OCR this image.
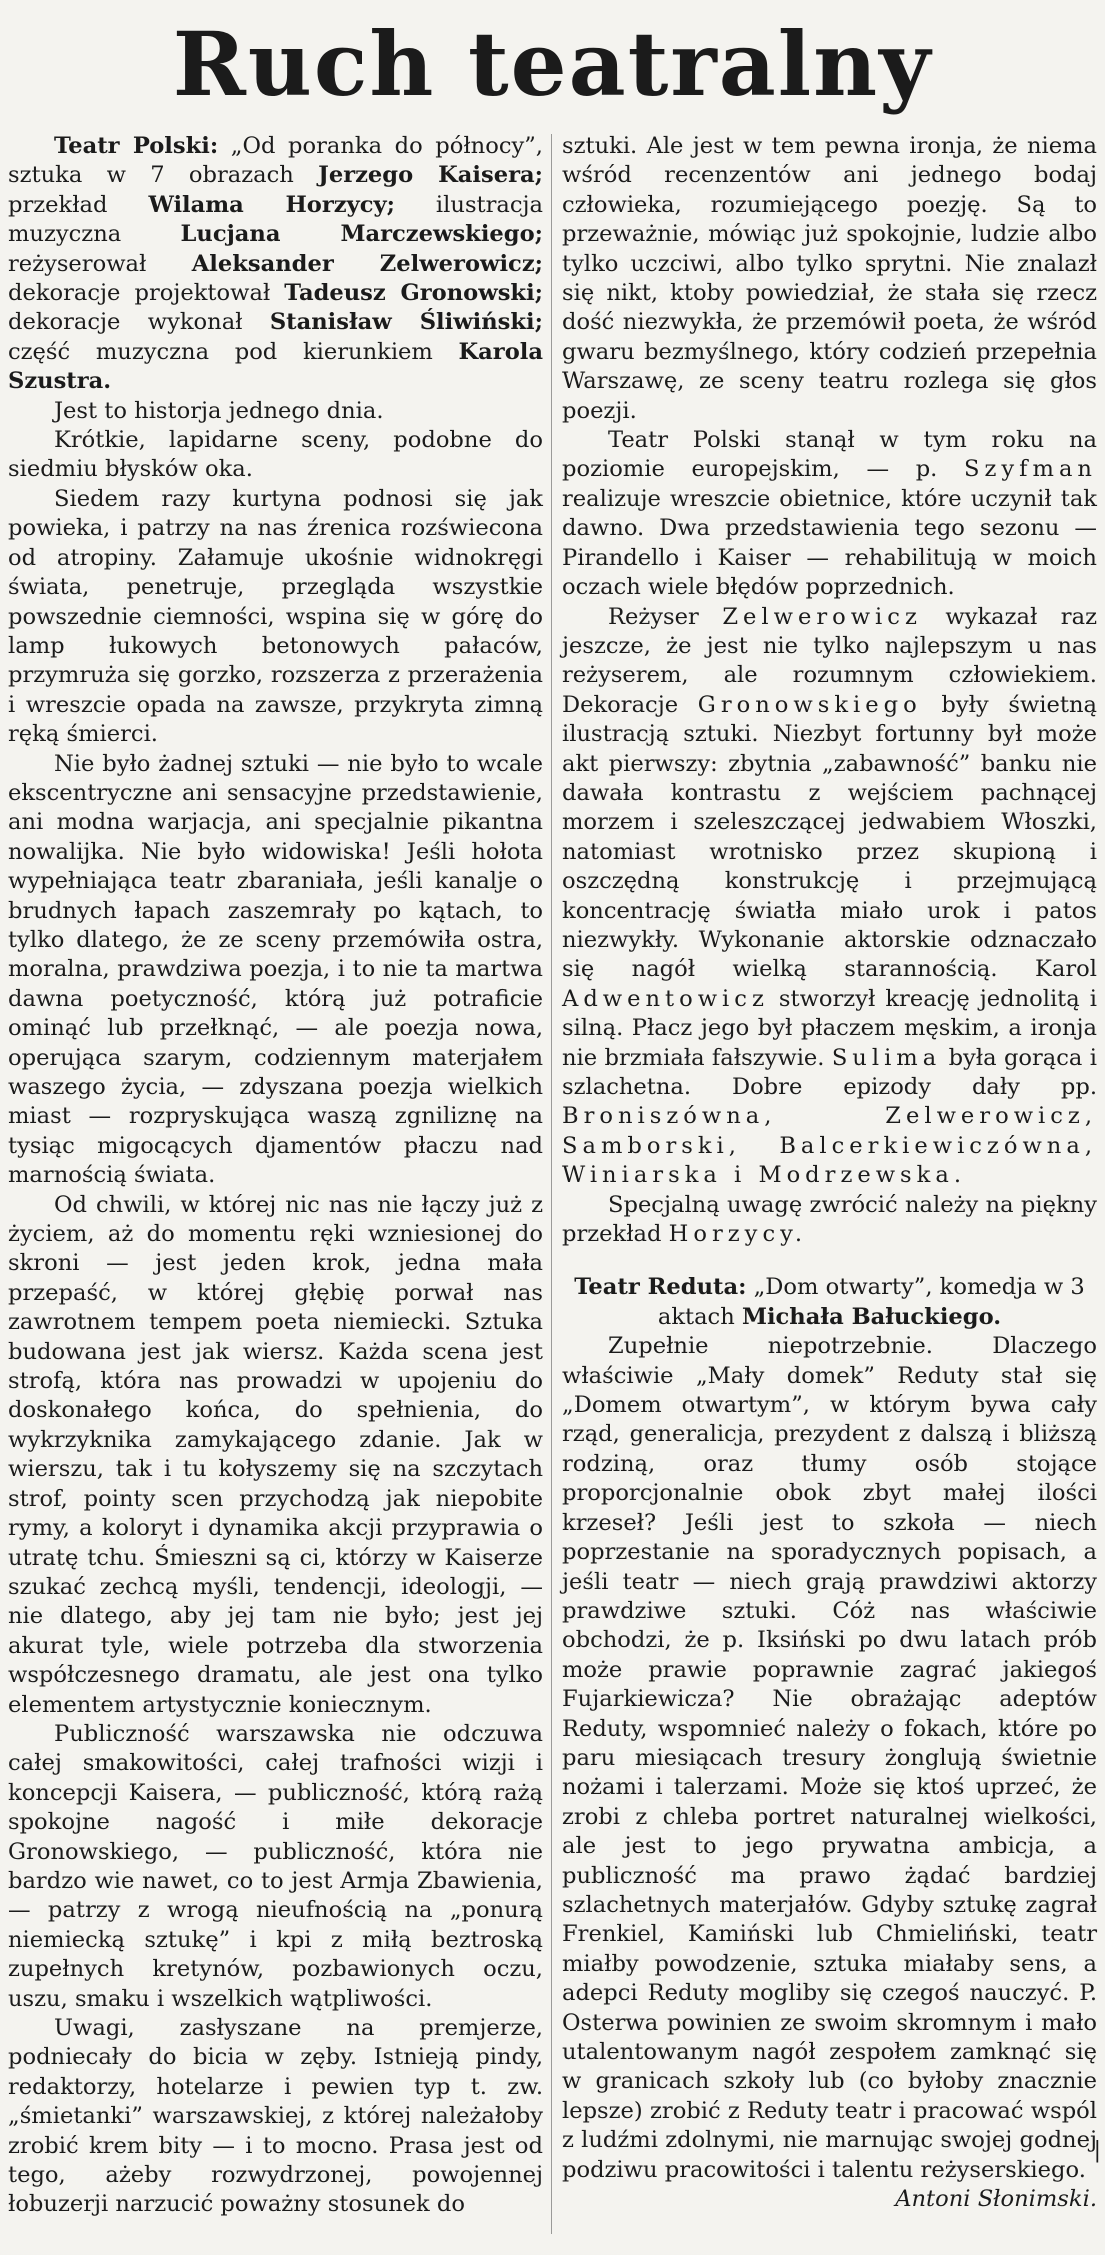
Ruch teatralny

Teatr Polski: „Od poranka do północy”, sztuka w 7 obrazach Jerzego Kaisera; przekład Wilama Horzycy; ilustracja muzyczna Lucjana Marczewskiego; reżyserował Aleksander Zelwerowicz; dekoracje projektował Tadeusz Gronowski; dekoracje wykonał Stanisław Śliwiński; część muzyczna pod kierunkiem Karola Szustra.

Jest to historja jednego dnia.

Krótkie, lapidarne sceny, podobne do siedmiu błysków oka.

Siedem razy kurtyna podnosi się jak powieka, i patrzy na nas źrenica rozświecona od atropiny. Załamuje ukośnie widnokręgi świata, penetruje, przegląda wszystkie powszednie ciemności, wspina się w górę do lamp łukowych betonowych pałaców, przymruża się gorzko, rozszerza z przerażenia i wreszcie opada na zawsze, przykryta zimną ręką śmierci.

Nie było żadnej sztuki — nie było to wcale ekscentryczne ani sensacyjne przedstawienie, ani modna warjacja, ani specjalnie pikantna nowalijka. Nie było widowiska! Jeśli hołota wypełniająca teatr zbaraniała, jeśli kanalje o brudnych łapach zaszemrały po kątach, to tylko dlatego, że ze sceny przemówiła ostra, moralna, prawdziwa poezja, i to nie ta martwa dawna poetyczność, którą już potraficie ominąć lub przełknąć, — ale poezja nowa, operująca szarym, codziennym materjałem waszego życia, — zdyszana poezja wielkich miast — rozpryskująca waszą zgniliznę na tysiąc migocących djamentów płaczu nad marnością świata.

Od chwili, w której nic nas nie łączy już z życiem, aż do momentu ręki wzniesionej do skroni — jest jeden krok, jedna mała przepaść, w której głębię porwał nas zawrotnem tempem poeta niemiecki. Sztuka budowana jest jak wiersz. Każda scena jest strofą, która nas prowadzi w upojeniu do doskonałego końca, do spełnienia, do wykrzyknika zamykającego zdanie. Jak w wierszu, tak i tu kołyszemy się na szczytach strof, pointy scen przychodzą jak niepobite rymy, a koloryt i dynamika akcji przyprawia o utratę tchu. Śmieszni są ci, którzy w Kaiserze szukać zechcą myśli, tendencji, ideologji, — nie dlatego, aby jej tam nie było; jest jej akurat tyle, wiele potrzeba dla stworzenia współczesnego dramatu, ale jest ona tylko elementem artystycznie koniecznym.

Publiczność warszawska nie odczuwa całej smakowitości, całej trafności wizji i koncepcji Kaisera, — publiczność, którą rażą spokojne nagość i miłe dekoracje Gronowskiego, — publiczność, która nie bardzo wie nawet, co to jest Armja Zbawienia, — patrzy z wrogą nieufnością na „ponurą niemiecką sztukę” i kpi z miłą beztroską zupełnych kretynów, pozbawionych oczu, uszu, smaku i wszelkich wątpliwości.

Uwagi, zasłyszane na premjerze, podniecały do bicia w zęby. Istnieją pindy, redaktorzy, hotelarze i pewien typ t. zw. „śmietanki” warszawskiej, z której należałoby zrobić krem bity — i to mocno. Prasa jest od tego, ażeby rozwydrzonej, powojennej łobuzerji narzucić poważny stosunek do

sztuki. Ale jest w tem pewna ironja, że niema wśród recenzentów ani jednego bodaj człowieka, rozumiejącego poezję. Są to przeważnie, mówiąc już spokojnie, ludzie albo tylko uczciwi, albo tylko sprytni. Nie znalazł się nikt, ktoby powiedział, że stała się rzecz dość niezwykła, że przemówił poeta, że wśród gwaru bezmyślnego, który codzień przepełnia Warszawę, ze sceny teatru rozlega się głos poezji.

Teatr Polski stanął w tym roku na poziomie europejskim, — p. Szyfman realizuje wreszcie obietnice, które uczynił tak dawno. Dwa przedstawienia tego sezonu — Pirandello i Kaiser — rehabilitują w moich oczach wiele błędów poprzednich.

Reżyser Zelwerowicz wykazał raz jeszcze, że jest nie tylko najlepszym u nas reżyserem, ale rozumnym człowiekiem. Dekoracje Gronowskiego były świetną ilustracją sztuki. Niezbyt fortunny był może akt pierwszy: zbytnia „zabawność” banku nie dawała kontrastu z wejściem pachnącej morzem i szeleszczącej jedwabiem Włoszki, natomiast wrotnisko przez skupioną i oszczędną konstrukcję i przejmującą koncentrację światła miało urok i patos niezwykły. Wykonanie aktorskie odznaczało się nagół wielką starannością. Karol Adwentowicz stworzył kreację jednolitą i silną. Płacz jego był płaczem męskim, a ironja nie brzmiała fałszywie. Sulima była gorąca i szlachetna. Dobre epizody dały pp. Broniszówna, Zelwerowicz, Samborski, Balcerkiewiczówna, Winiarska i Modrzewska.

Specjalną uwagę zwrócić należy na piękny przekład Horzycy.

Teatr Reduta: „Dom otwarty”, komedja w 3 aktach Michała Bałuckiego.

Zupełnie niepotrzebnie. Dlaczego właściwie „Mały domek” Reduty stał się „Domem otwartym”, w którym bywa cały rząd, generalicja, prezydent z dalszą i bliższą rodziną, oraz tłumy osób stojące proporcjonalnie obok zbyt małej ilości krzeseł? Jeśli jest to szkoła — niech poprzestanie na sporadycznych popisach, a jeśli teatr — niech grają prawdziwi aktorzy prawdziwe sztuki. Cóż nas właściwie obchodzi, że p. Iksiński po dwu latach prób może prawie poprawnie zagrać jakiegoś Fujarkiewicza? Nie obrażając adeptów Reduty, wspomnieć należy o fokach, które po paru miesiącach tresury żonglują świetnie nożami i talerzami. Może się ktoś uprzeć, że zrobi z chleba portret naturalnej wielkości, ale jest to jego prywatna ambicja, a publiczność ma prawo żądać bardziej szlachetnych materjałów. Gdyby sztukę zagrał Frenkiel, Kamiński lub Chmieliński, teatr miałby powodzenie, sztuka miałaby sens, a adepci Reduty mogliby się czegoś nauczyć. P. Osterwa powinien ze swoim skromnym i mało utalentowanym nagół zespołem zamknąć się w granicach szkoły lub (co byłoby znacznie lepsze) zrobić z Reduty teatr i pracować wspól z ludźmi zdolnymi, nie marnując swojej godnej podziwu pracowitości i talentu reżyserskiego.

Antoni Słonimski.

|
